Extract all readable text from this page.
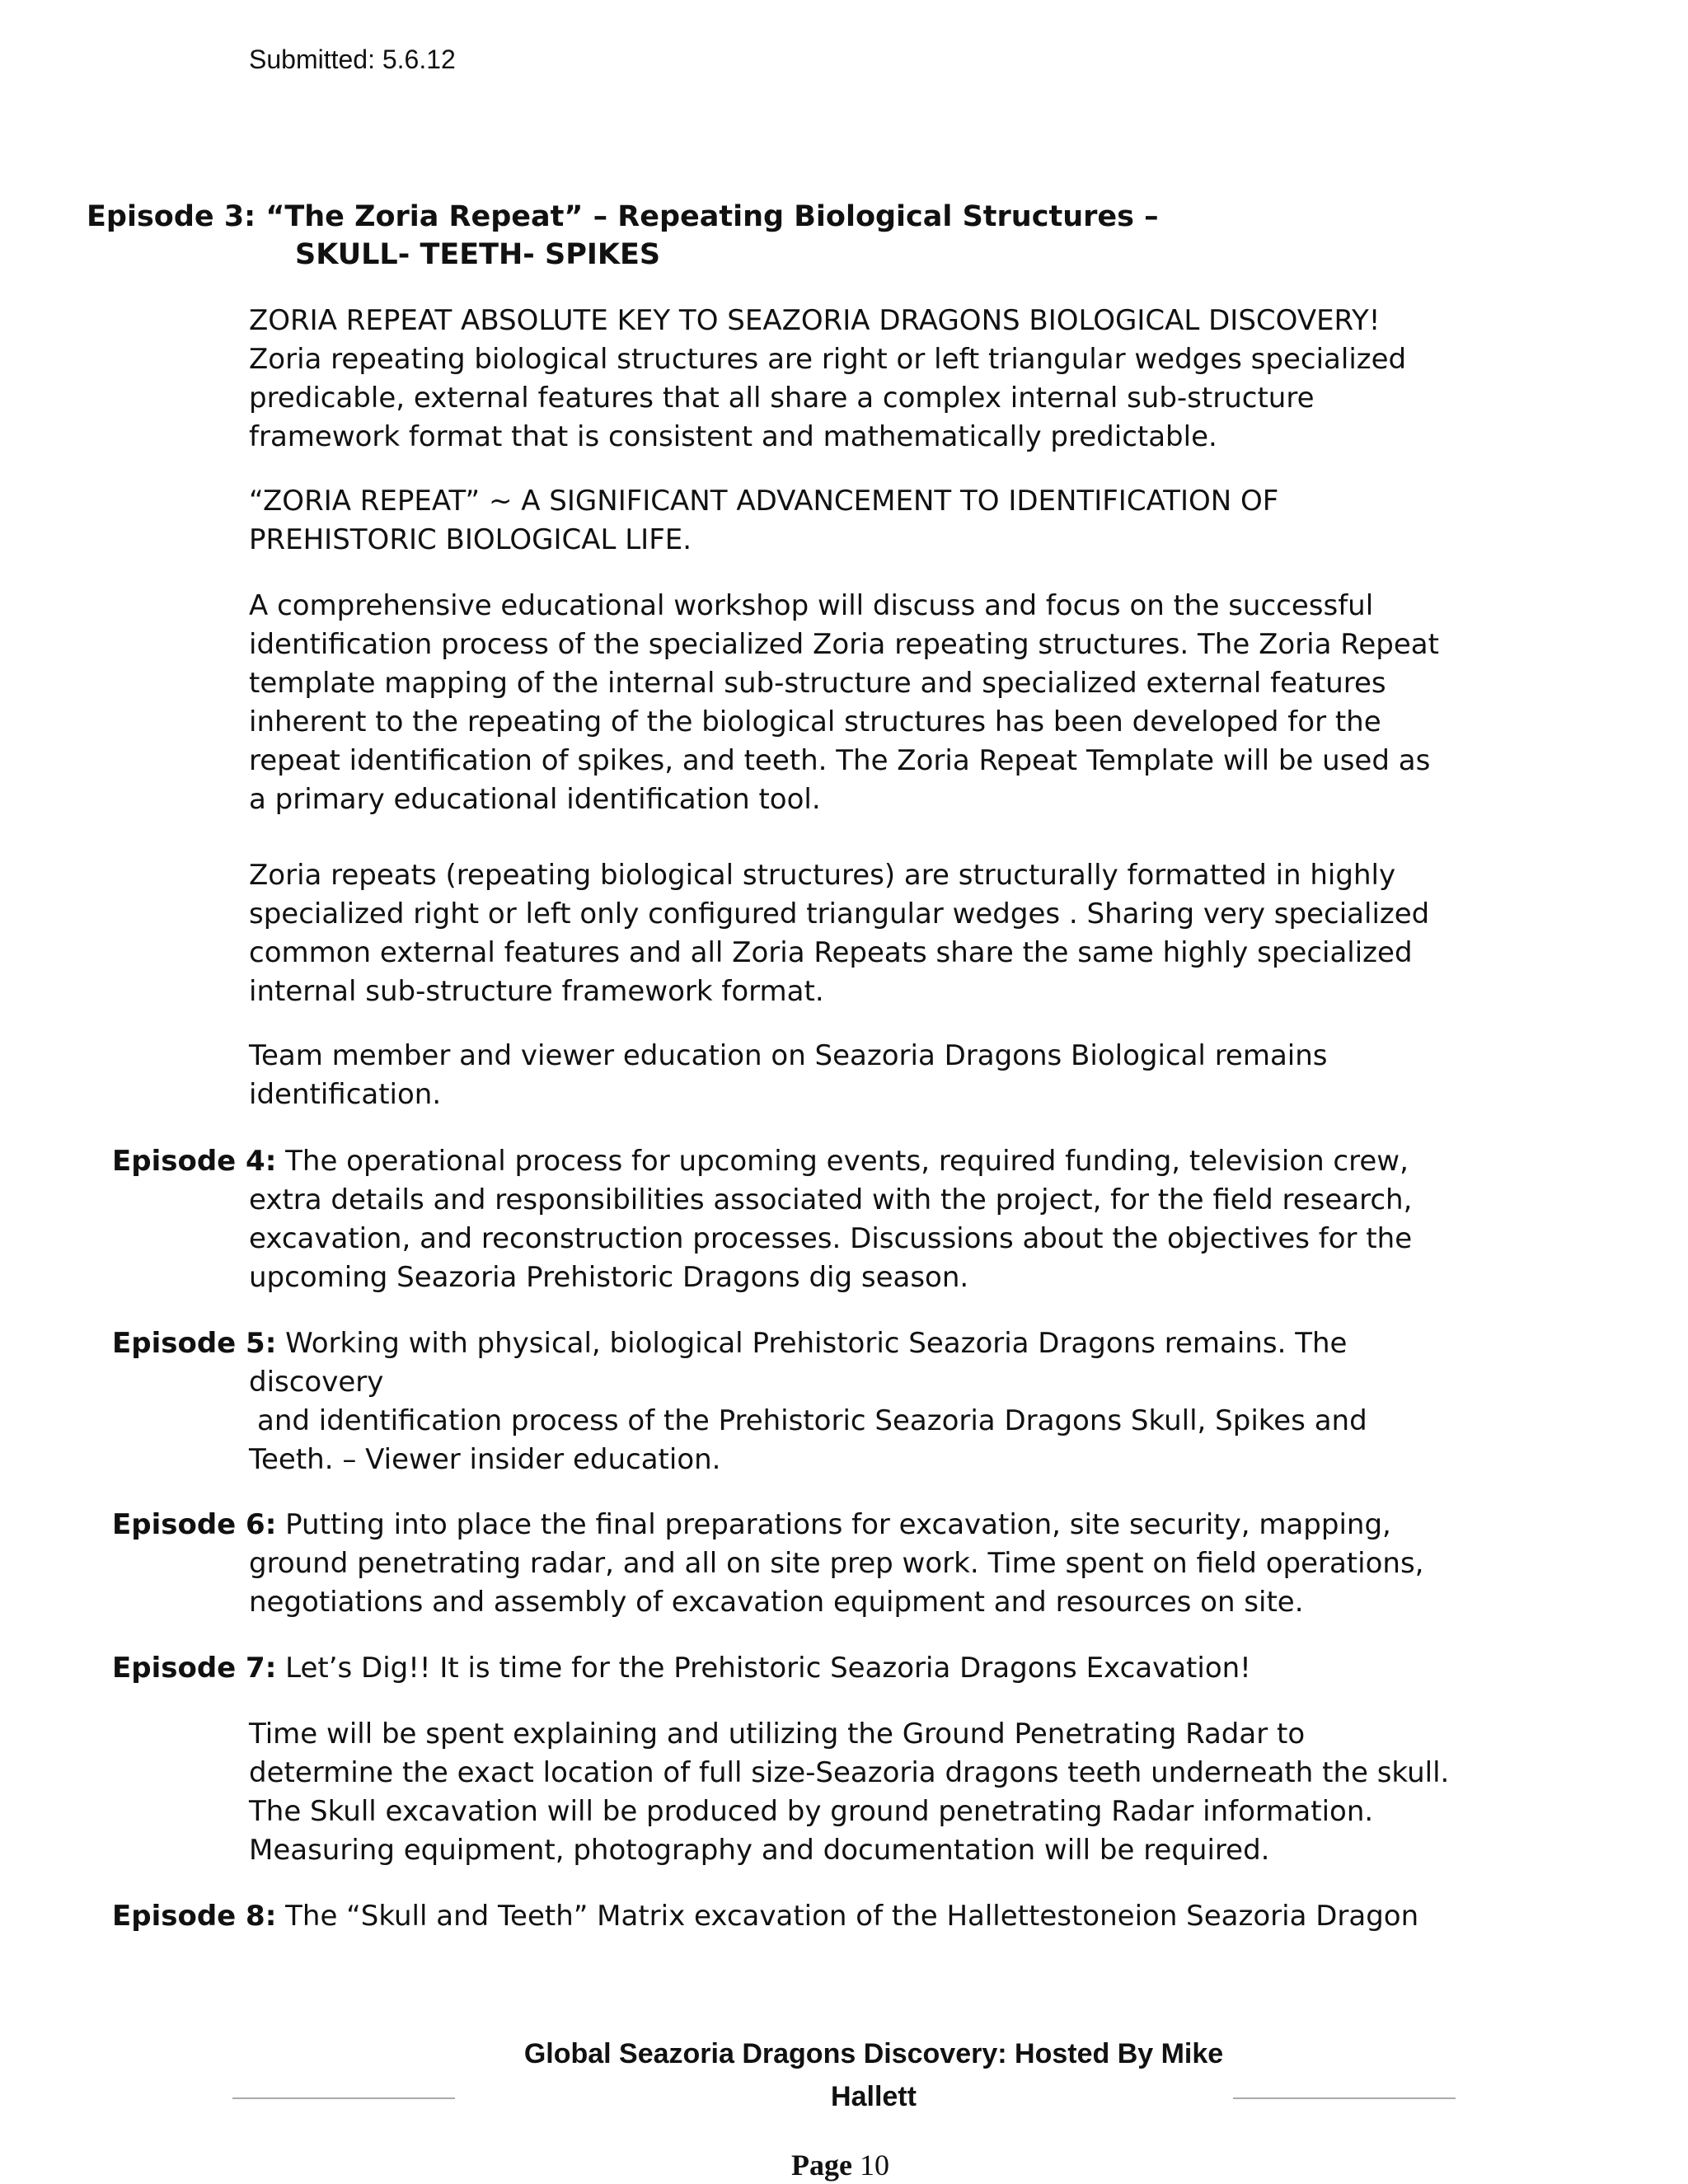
Submitted: 5.6.12
Episode 3: “The Zoria Repeat” – Repeating Biological Structures –
SKULL- TEETH- SPIKES
ZORIA REPEAT ABSOLUTE KEY TO SEAZORIA DRAGONS BIOLOGICAL DISCOVERY!
Zoria repeating biological structures are right or left triangular wedges specialized
predicable, external features that all share a complex internal sub-structure
framework format that is consistent and mathematically predictable.
“ZORIA REPEAT” ~ A SIGNIFICANT ADVANCEMENT TO IDENTIFICATION OF
PREHISTORIC BIOLOGICAL LIFE.
A comprehensive educational workshop will discuss and focus on the successful
identification process of the specialized Zoria repeating structures. The Zoria Repeat
template mapping of the internal sub-structure and specialized external features
inherent to the repeating of the biological structures has been developed for the
repeat identification of spikes, and teeth. The Zoria Repeat Template will be used as
a primary educational identification tool.
Zoria repeats (repeating biological structures) are structurally formatted in highly
specialized right or left only configured triangular wedges . Sharing very specialized
common external features and all Zoria Repeats share the same highly specialized
internal sub-structure framework format.
Team member and viewer education on Seazoria Dragons Biological remains
identification.
Episode 4: The operational process for upcoming events, required funding, television crew,
extra details and responsibilities associated with the project, for the field research,
excavation, and reconstruction processes. Discussions about the objectives for the
upcoming Seazoria Prehistoric Dragons dig season.
Episode 5: Working with physical, biological Prehistoric Seazoria Dragons remains. The
discovery
and identification process of the Prehistoric Seazoria Dragons Skull, Spikes and
Teeth. – Viewer insider education.
Episode 6: Putting into place the final preparations for excavation, site security, mapping,
ground penetrating radar, and all on site prep work. Time spent on field operations,
negotiations and assembly of excavation equipment and resources on site.
Episode 7: Let’s Dig!! It is time for the Prehistoric Seazoria Dragons Excavation!
Time will be spent explaining and utilizing the Ground Penetrating Radar to
determine the exact location of full size-Seazoria dragons teeth underneath the skull.
The Skull excavation will be produced by ground penetrating Radar information.
Measuring equipment, photography and documentation will be required.
Episode 8: The “Skull and Teeth” Matrix excavation of the Hallettestoneion Seazoria Dragon
Global Seazoria Dragons Discovery: Hosted By Mike
Hallett
Page 10
